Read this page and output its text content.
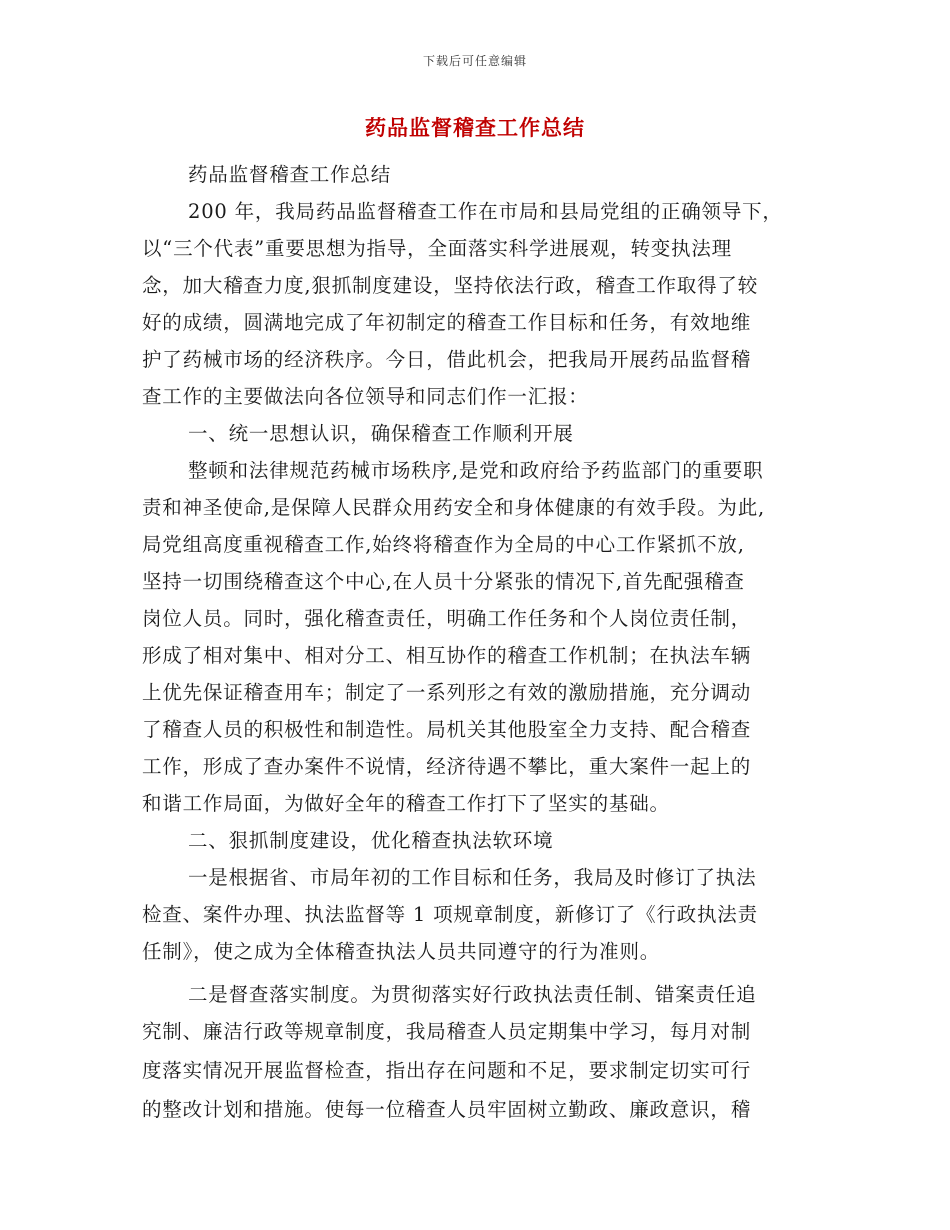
下载后可任意编辑
药品监督稽查工作总结
药品监督稽查工作总结
200 年，我局药品监督稽查工作在市局和县局党组的正确领导下，
以“三个代表”重要思想为指导，全面落实科学进展观，转变执法理
念，加大稽查力度,狠抓制度建设，坚持依法行政，稽查工作取得了较
好的成绩，圆满地完成了年初制定的稽查工作目标和任务，有效地维
护了药械市场的经济秩序。今日，借此机会，把我局开展药品监督稽
查工作的主要做法向各位领导和同志们作一汇报：
一、统一思想认识，确保稽查工作顺利开展
整顿和法律规范药械市场秩序,是党和政府给予药监部门的重要职
责和神圣使命,是保障人民群众用药安全和身体健康的有效手段。为此,
局党组高度重视稽查工作,始终将稽查作为全局的中心工作紧抓不放,
坚持一切围绕稽查这个中心,在人员十分紧张的情况下,首先配强稽查
岗位人员。同时，强化稽查责任，明确工作任务和个人岗位责任制，
形成了相对集中、相对分工、相互协作的稽查工作机制；在执法车辆
上优先保证稽查用车；制定了一系列形之有效的激励措施，充分调动
了稽查人员的积极性和制造性。局机关其他股室全力支持、配合稽查
工作，形成了查办案件不说情，经济待遇不攀比，重大案件一起上的
和谐工作局面，为做好全年的稽查工作打下了坚实的基础。
二、狠抓制度建设，优化稽查执法软环境
一是根据省、市局年初的工作目标和任务，我局及时修订了执法
检查、案件办理、执法监督等 1 项规章制度，新修订了《行政执法责
任制》，使之成为全体稽查执法人员共同遵守的行为准则。
二是督查落实制度。为贯彻落实好行政执法责任制、错案责任追
究制、廉洁行政等规章制度，我局稽查人员定期集中学习，每月对制
度落实情况开展监督检查，指出存在问题和不足，要求制定切实可行
的整改计划和措施。使每一位稽查人员牢固树立勤政、廉政意识，稽
